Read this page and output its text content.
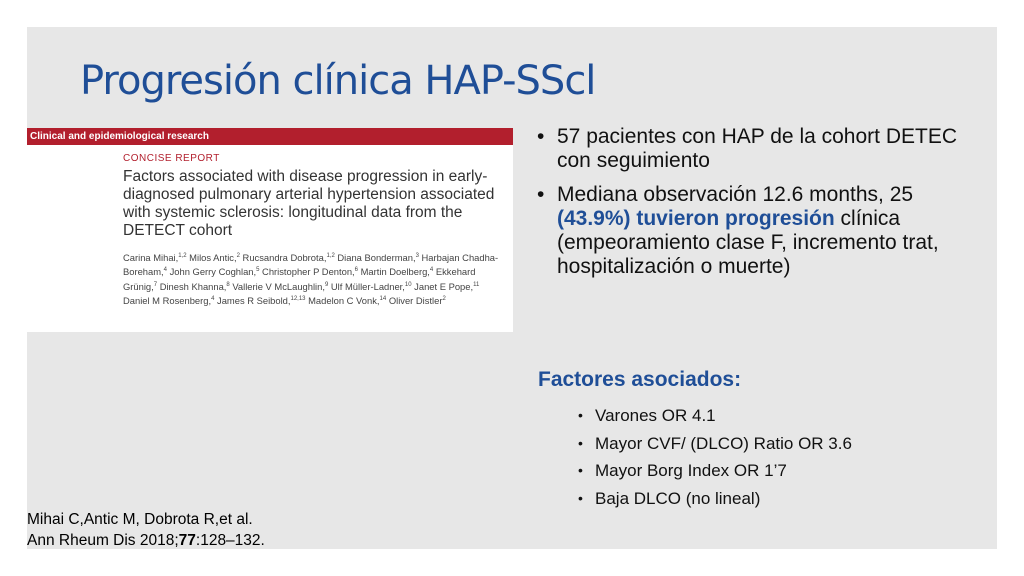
Progresión clínica HAP-SScl
Clinical and epidemiological research
CONCISE REPORT
Factors associated with disease progression in early-diagnosed pulmonary arterial hypertension associated with systemic sclerosis: longitudinal data from the DETECT cohort
Carina Mihai,$^{1,2}$ Milos Antic,$^2$ Rucsandra Dobrota,$^{1,2}$ Diana Bonderman,$^3$ Harbajan Chadha-Boreham,$^4$ John Gerry Coghlan,$^5$ Christopher P Denton,$^6$ Martin Doelberg,$^4$ Ekkehard Grünig,$^7$ Dinesh Khanna,$^8$ Vallerie V McLaughlin,$^9$ Ulf Müller-Ladner,$^{10}$ Janet E Pope,$^{11}$ Daniel M Rosenberg,$^4$ James R Seibold,$^{12,13}$ Madelon C Vonk,$^{14}$ Oliver Distler$^2$
• 57 pacientes con HAP de la cohort DETEC con seguimiento
• Mediana observación 12.6 months, 25 (43.9%) tuvieron progresión clínica (empeoramiento clase F, incremento trat, hospitalización o muerte)
Factores asociados:
• Varones OR 4.1
• Mayor CVF/ (DLCO) Ratio OR 3.6
• Mayor Borg Index OR 1’7
• Baja DLCO (no lineal)
Mihai C,Antic M, Dobrota R,et al.
Ann Rheum Dis 2018;77:128–132.
